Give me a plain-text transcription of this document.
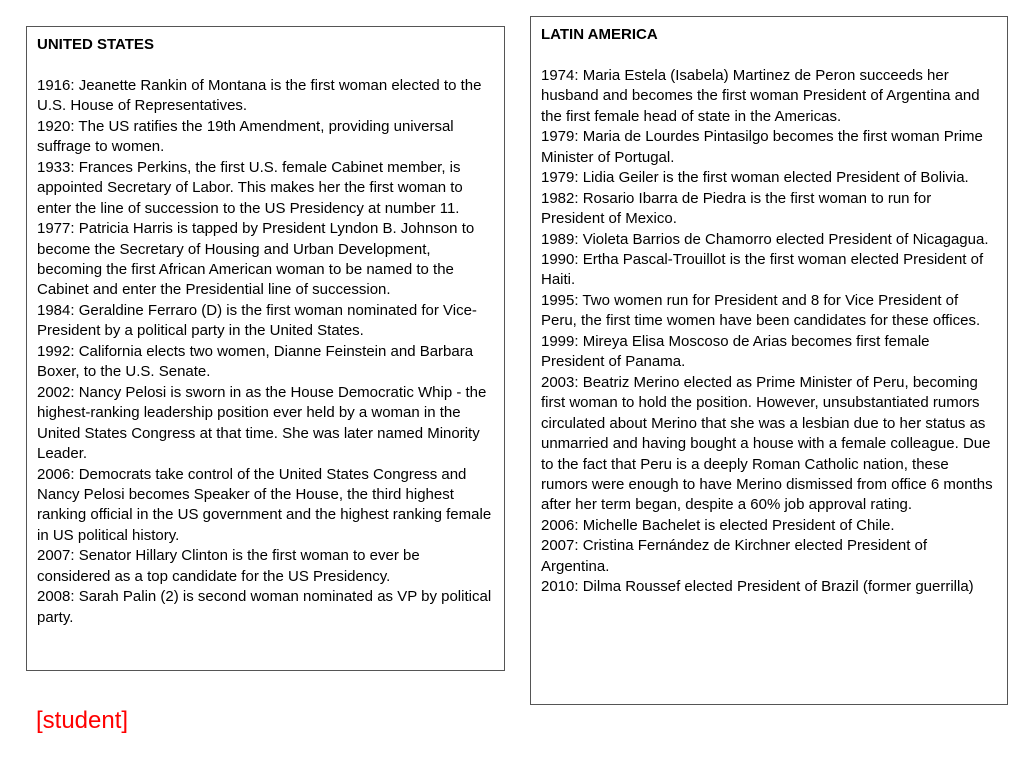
UNITED STATES

1916: Jeanette Rankin of Montana is the first woman elected to the U.S. House of Representatives.

1920: The US ratifies the 19th Amendment, providing universal suffrage to women.

1933: Frances Perkins, the first U.S. female Cabinet member, is appointed Secretary of Labor. This makes her the first woman to enter the line of succession to the US Presidency at number 11.

1977: Patricia Harris is tapped by President Lyndon B. Johnson to become the Secretary of Housing and Urban Development, becoming the first African American woman to be named to the Cabinet and enter the Presidential line of succession.

1984: Geraldine Ferraro (D) is the first woman nominated for Vice-President by a political party in the United States.

1992: California elects two women, Dianne Feinstein and Barbara Boxer, to the U.S. Senate.

2002: Nancy Pelosi is sworn in as the House Democratic Whip - the highest-ranking leadership position ever held by a woman in the United States Congress at that time. She was later named Minority Leader.

2006: Democrats take control of the United States Congress and Nancy Pelosi becomes Speaker of the House, the third highest ranking official in the US government and the highest ranking female in US political history.

2007: Senator Hillary Clinton is the first woman to ever be considered as a top candidate for the US Presidency.

2008: Sarah Palin (2) is second woman nominated as VP by political party.

LATIN AMERICA

1974: Maria Estela (Isabela) Martinez de Peron succeeds her husband and becomes the first woman President of Argentina and the first female head of state in the Americas.

1979: Maria de Lourdes Pintasilgo becomes the first woman Prime Minister of Portugal.

1979: Lidia Geiler is the first woman elected President of Bolivia.

1982: Rosario Ibarra de Piedra is the first woman to run for President of Mexico.

1989: Violeta Barrios de Chamorro elected President of Nicagagua.

1990: Ertha Pascal-Trouillot is the first woman elected President of Haiti.

1995: Two women run for President and 8 for Vice President of Peru, the first time women have been candidates for these offices.

1999: Mireya Elisa Moscoso de Arias becomes first female President of Panama.

2003: Beatriz Merino elected as Prime Minister of Peru, becoming first woman to hold the position. However, unsubstantiated rumors circulated about Merino that she was a lesbian due to her status as unmarried and having bought a house with a female colleague. Due to the fact that Peru is a deeply Roman Catholic nation, these rumors were enough to have Merino dismissed from office 6 months after her term began, despite a 60% job approval rating.

2006: Michelle Bachelet is elected President of Chile.

2007: Cristina Fernández de Kirchner elected President of Argentina.

2010: Dilma Roussef elected President of Brazil (former guerrilla)

[student]
